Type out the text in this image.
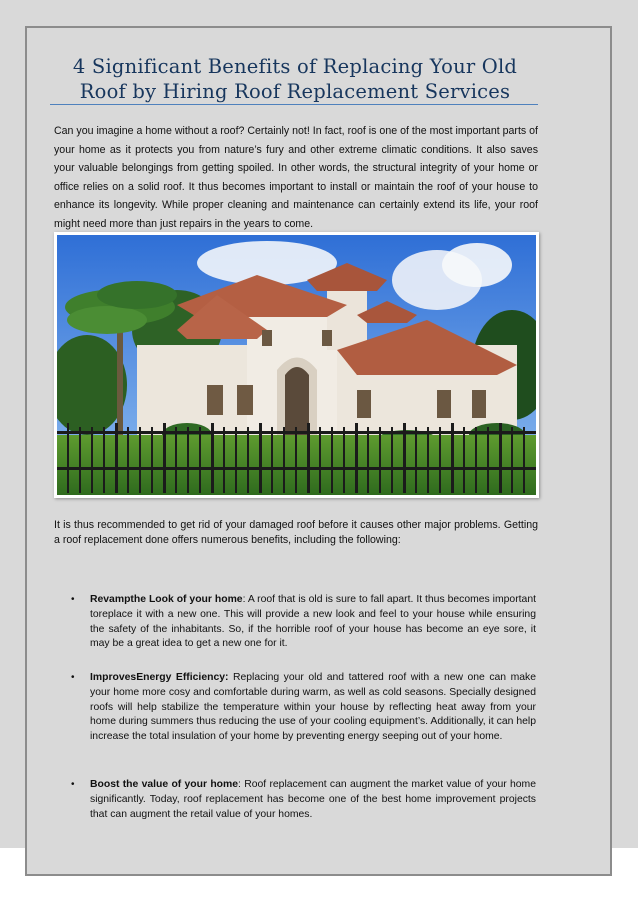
4 Significant Benefits of Replacing Your Old Roof by Hiring Roof Replacement Services

Can you imagine a home without a roof? Certainly not! In fact, roof is one of the most important parts of your home as it protects you from nature’s fury and other extreme climatic conditions. It also saves your valuable belongings from getting spoiled. In other words, the structural integrity of your home or office relies on a solid roof. It thus becomes important to install or maintain the roof of your house to enhance its longevity. While proper cleaning and maintenance can certainly extend its life, your roof might need more than just repairs in the years to come.

It is thus recommended to get rid of your damaged roof before it causes other major problems. Getting a roof replacement done offers numerous benefits, including the following:

• Revampthe Look of your home: A roof that is old is sure to fall apart. It thus becomes important toreplace it with a new one. This will provide a new look and feel to your house while ensuring the safety of the inhabitants. So, if the horrible roof of your house has become an eye sore, it may be a great idea to get a new one for it.

• ImprovesEnergy Efficiency: Replacing your old and tattered roof with a new one can make your home more cosy and comfortable during warm, as well as cold seasons. Specially designed roofs will help stabilize the temperature within your house by reflecting heat away from your home during summers thus reducing the use of your cooling equipment’s. Additionally, it can help increase the total insulation of your home by preventing energy seeping out of your home.

• Boost the value of your home: Roof replacement can augment the market value of your home significantly. Today, roof replacement has become one of the best home improvement projects that can augment the retail value of your homes.
